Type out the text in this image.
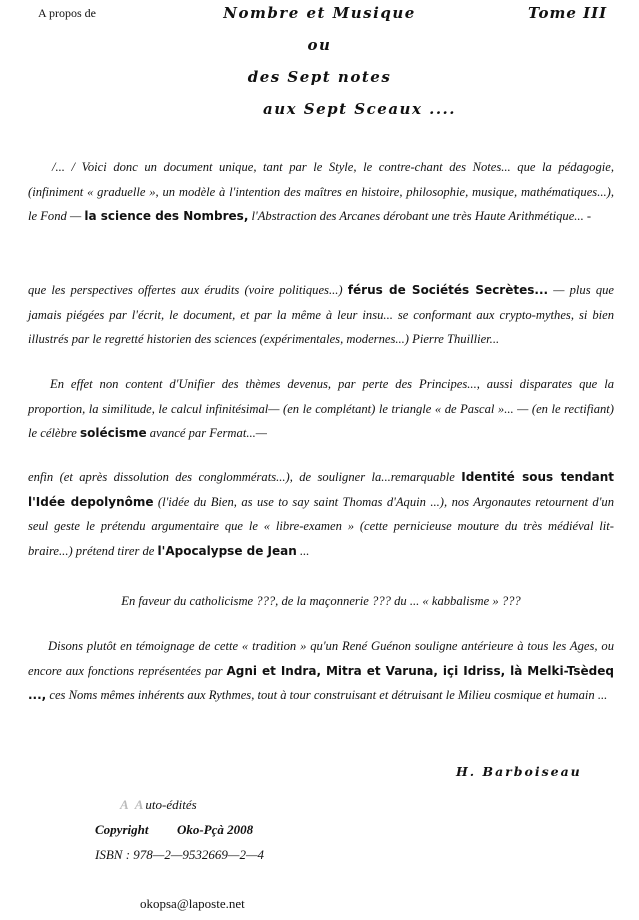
A propos de	Nombre et Musique
ou
des Sept notes
aux Sept Sceaux ....
Tome III

/... / Voici donc un document unique, tant par le Style, le contre-chant des Notes... que la pédagogie, (infiniment « graduelle », un modèle à l'intention des maîtres en histoire, philosophie, musique, mathématiques...), le Fond — la science des Nombres, l'Abstraction des Arcanes dérobant une très Haute Arithmétique... -

que les perspectives offertes aux érudits (voire politiques...) férus de Sociétés Secrètes... — plus que jamais piégées par l'écrit, le document, et par la même à leur insu... se conformant aux crypto-mythes, si bien illustrés par le regretté historien des sciences (expérimentales, modernes...) Pierre Thuillier...

En effet non content d'Unifier des thèmes devenus, par perte des Principes..., aussi disparates que la proportion, la similitude, le calcul infinitésimal— (en le complétant) le triangle « de Pascal »... — (en le rectifiant) le célèbre solécisme avancé par Fermat...—

enfin (et après dissolution des conglommérats...), de souligner la...remarquable Identité sous tendant l'Idée depolynôme (l'idée du Bien, as use to say saint Thomas d'Aquin ...), nos Argonautes retournent d'un seul geste le prétendu argumentaire que le « libre-examen » (cette pernicieuse mouture du très médiéval lit-braire...) prétend tirer de l'Apocalypse de Jean ...

En faveur du catholicisme ???, de la maçonnerie ??? du ... « kabbalisme » ???

Disons plutôt en témoignage de cette « tradition » qu'un René Guénon souligne antérieure à tous les Ages, ou encore aux fonctions représentées par Agni et Indra, Mitra et Varuna, içi Idriss, là Melki-Tsèdeq ..., ces Noms mêmes inhérents aux Rythmes, tout à tour construisant et détruisant le Milieu cosmique et humain ...

H. Barboiseau
A Auto-édités
Copyright Oko-Pçà 2008
ISBN : 978—2—9532669—2—4
okopsa@laposte.net
